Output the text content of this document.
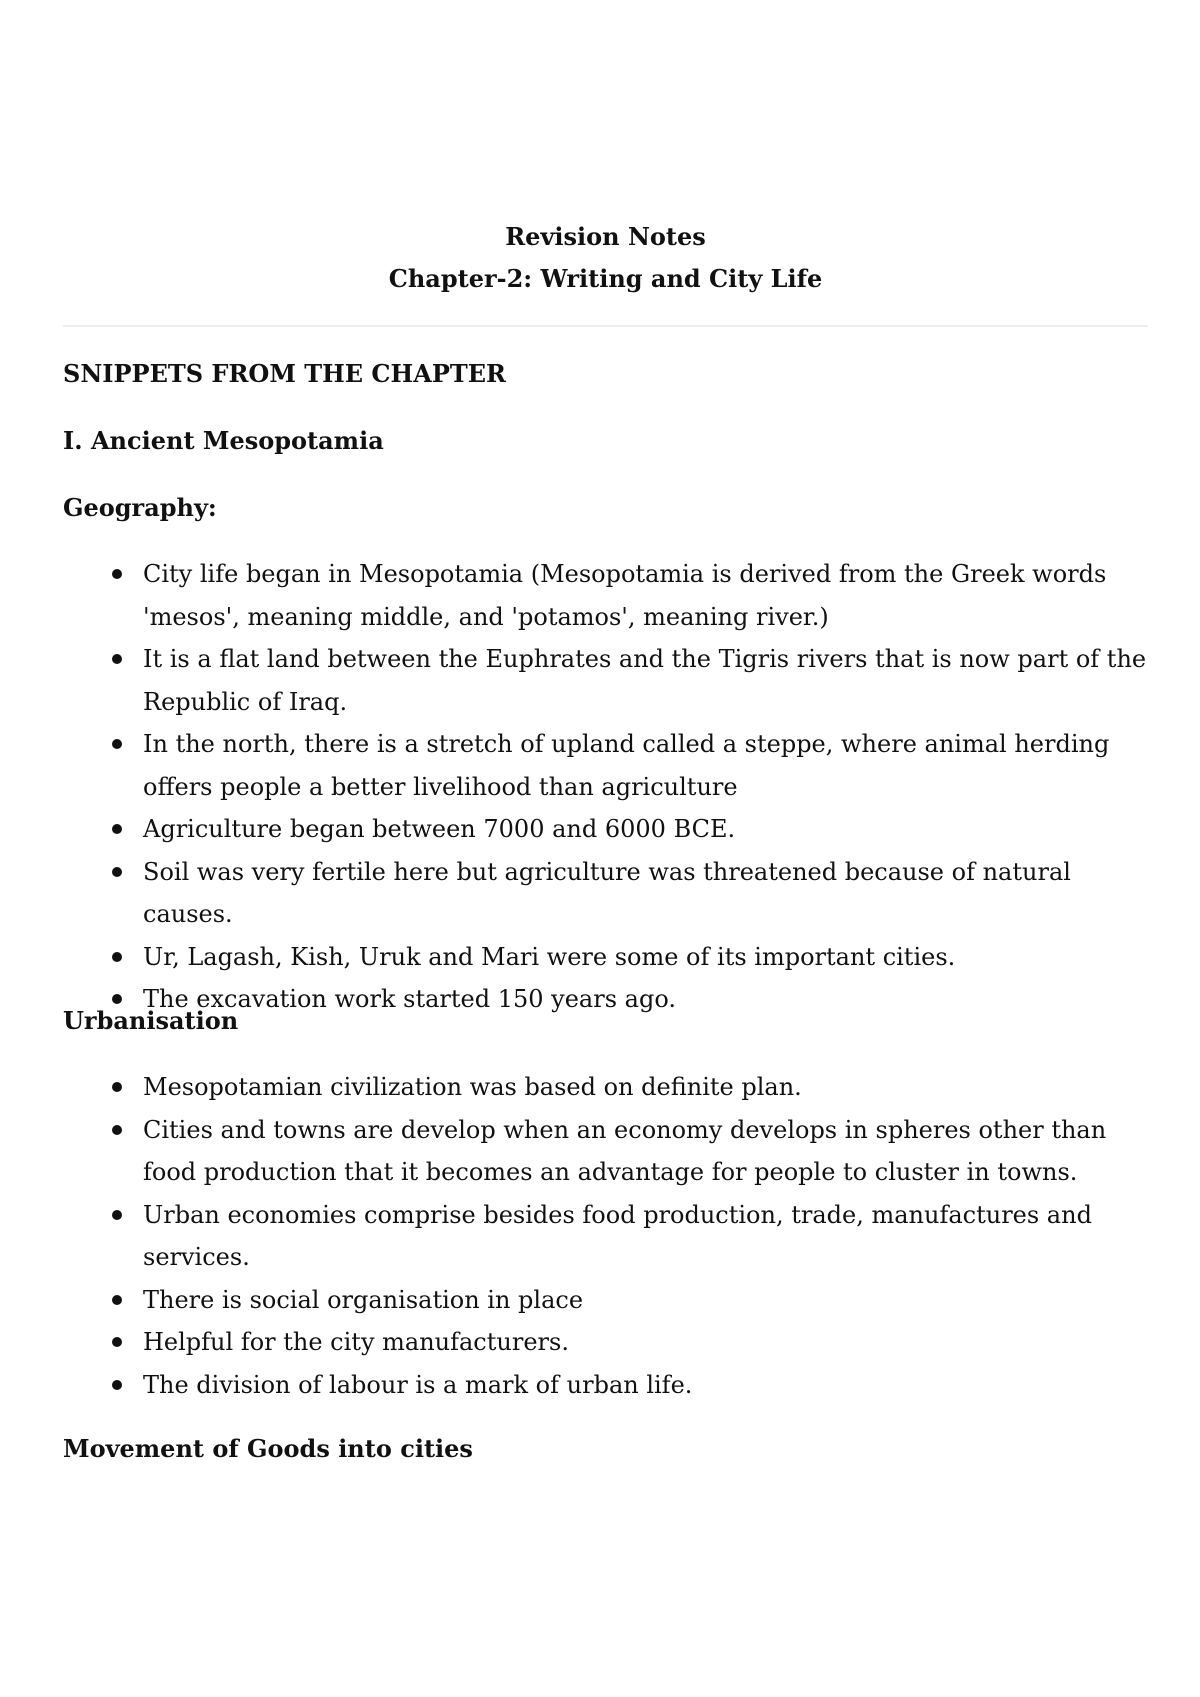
Revision Notes
Chapter-2: Writing and City Life
SNIPPETS FROM THE CHAPTER
I. Ancient Mesopotamia
Geography:
City life began in Mesopotamia (Mesopotamia is derived from the Greek words 'mesos', meaning middle, and 'potamos', meaning river.)
It is a flat land between the Euphrates and the Tigris rivers that is now part of the Republic of Iraq.
In the north, there is a stretch of upland called a steppe, where animal herding offers people a better livelihood than agriculture
Agriculture began between 7000 and 6000 BCE.
Soil was very fertile here but agriculture was threatened because of natural causes.
Ur, Lagash, Kish, Uruk and Mari were some of its important cities.
The excavation work started 150 years ago.
Urbanisation
Mesopotamian civilization was based on definite plan.
Cities and towns are develop when an economy develops in spheres other than food production that it becomes an advantage for people to cluster in towns.
Urban economies comprise besides food production, trade, manufactures and services.
There is social organisation in place
Helpful for the city manufacturers.
The division of labour is a mark of urban life.
Movement of Goods into cities
